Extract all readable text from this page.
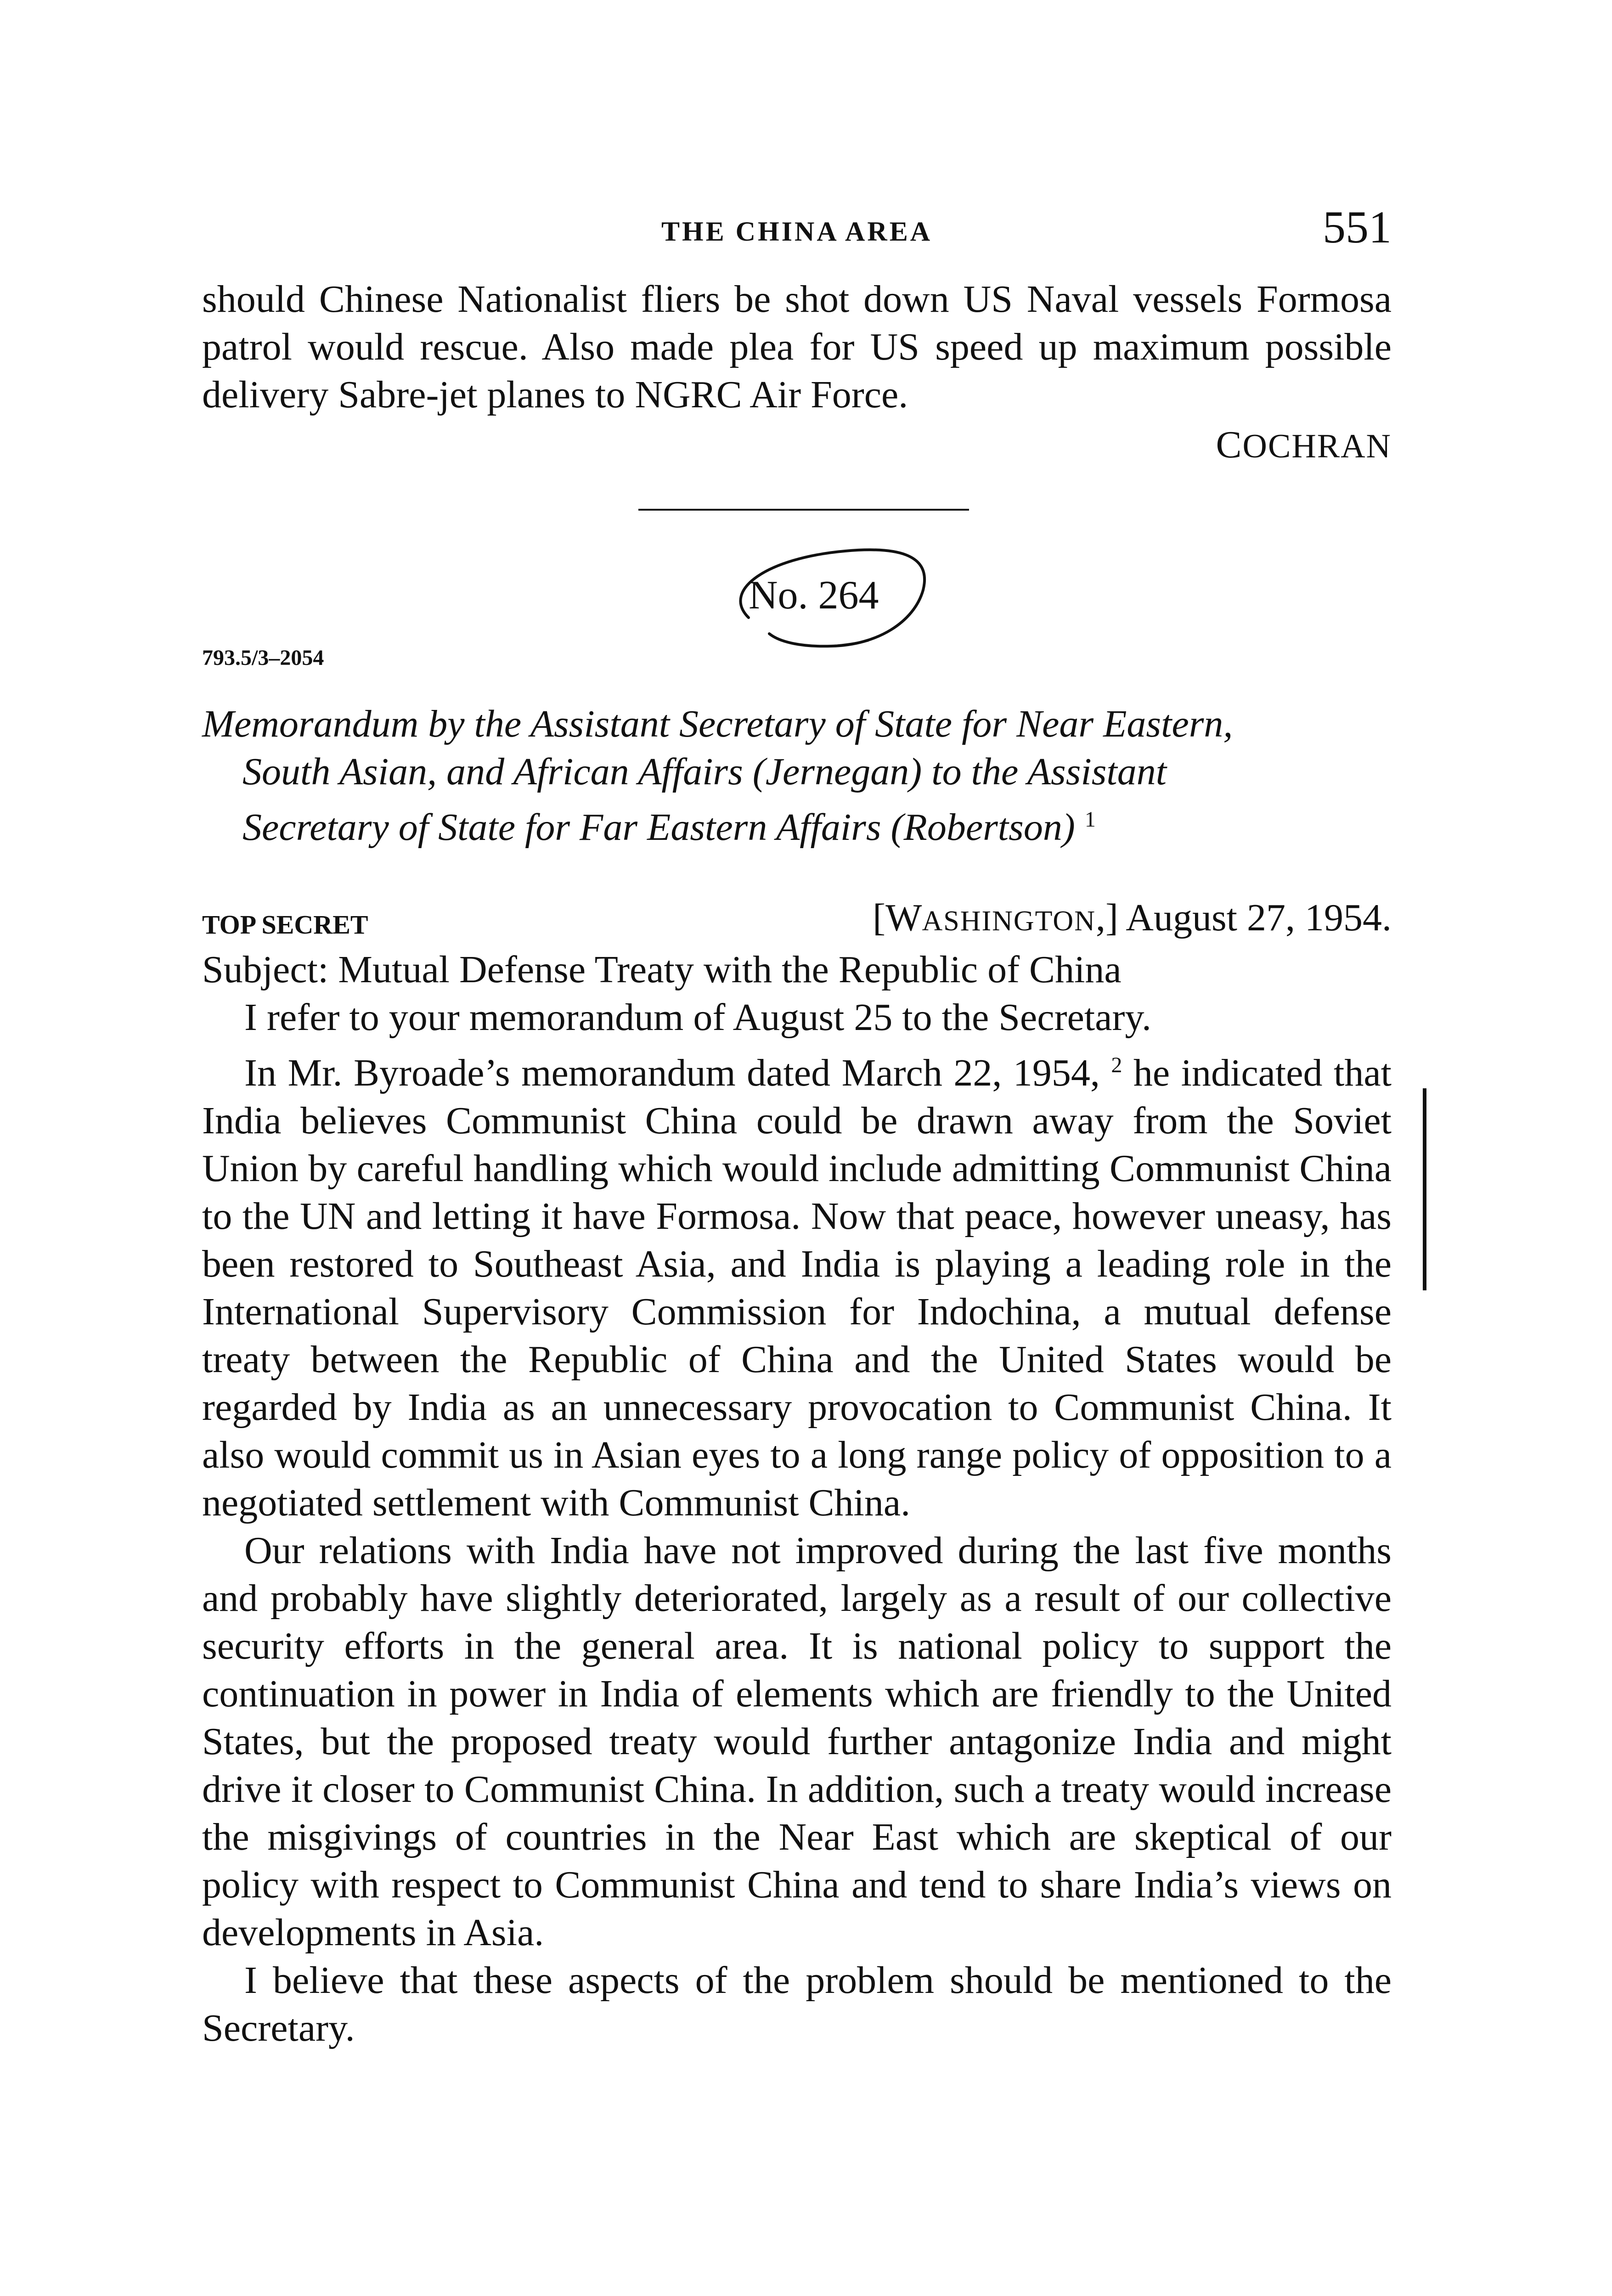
THE CHINA AREA	551

should Chinese Nationalist fliers be shot down US Naval vessels Formosa patrol would rescue. Also made plea for US speed up maximum possible delivery Sabre-jet planes to NGRC Air Force.

COCHRAN
No. 264
793.5/3–2054

Memorandum by the Assistant Secretary of State for Near Eastern,

South Asian, and African Affairs (Jernegan) to the Assistant

Secretary of State for Far Eastern Affairs (Robertson) $^1$

TOP SECRET	[WASHINGTON,] August 27, 1954.

Subject: Mutual Defense Treaty with the Republic of China

I refer to your memorandum of August 25 to the Secretary.

In Mr. Byroade’s memorandum dated March 22, 1954, $^2$ he indicated that India believes Communist China could be drawn away from the Soviet Union by careful handling which would include admitting Communist China to the UN and letting it have Formosa. Now that peace, however uneasy, has been restored to Southeast Asia, and India is playing a leading role in the International Supervisory Commission for Indochina, a mutual defense treaty between the Republic of China and the United States would be regarded by India as an unnecessary provocation to Communist China. It also would commit us in Asian eyes to a long range policy of opposition to a negotiated settlement with Communist China.

Our relations with India have not improved during the last five months and probably have slightly deteriorated, largely as a result of our collective security efforts in the general area. It is national policy to support the continuation in power in India of elements which are friendly to the United States, but the proposed treaty would further antagonize India and might drive it closer to Communist China. In addition, such a treaty would increase the misgivings of countries in the Near East which are skeptical of our policy with respect to Communist China and tend to share India’s views on developments in Asia.

I believe that these aspects of the problem should be mentioned to the Secretary.
